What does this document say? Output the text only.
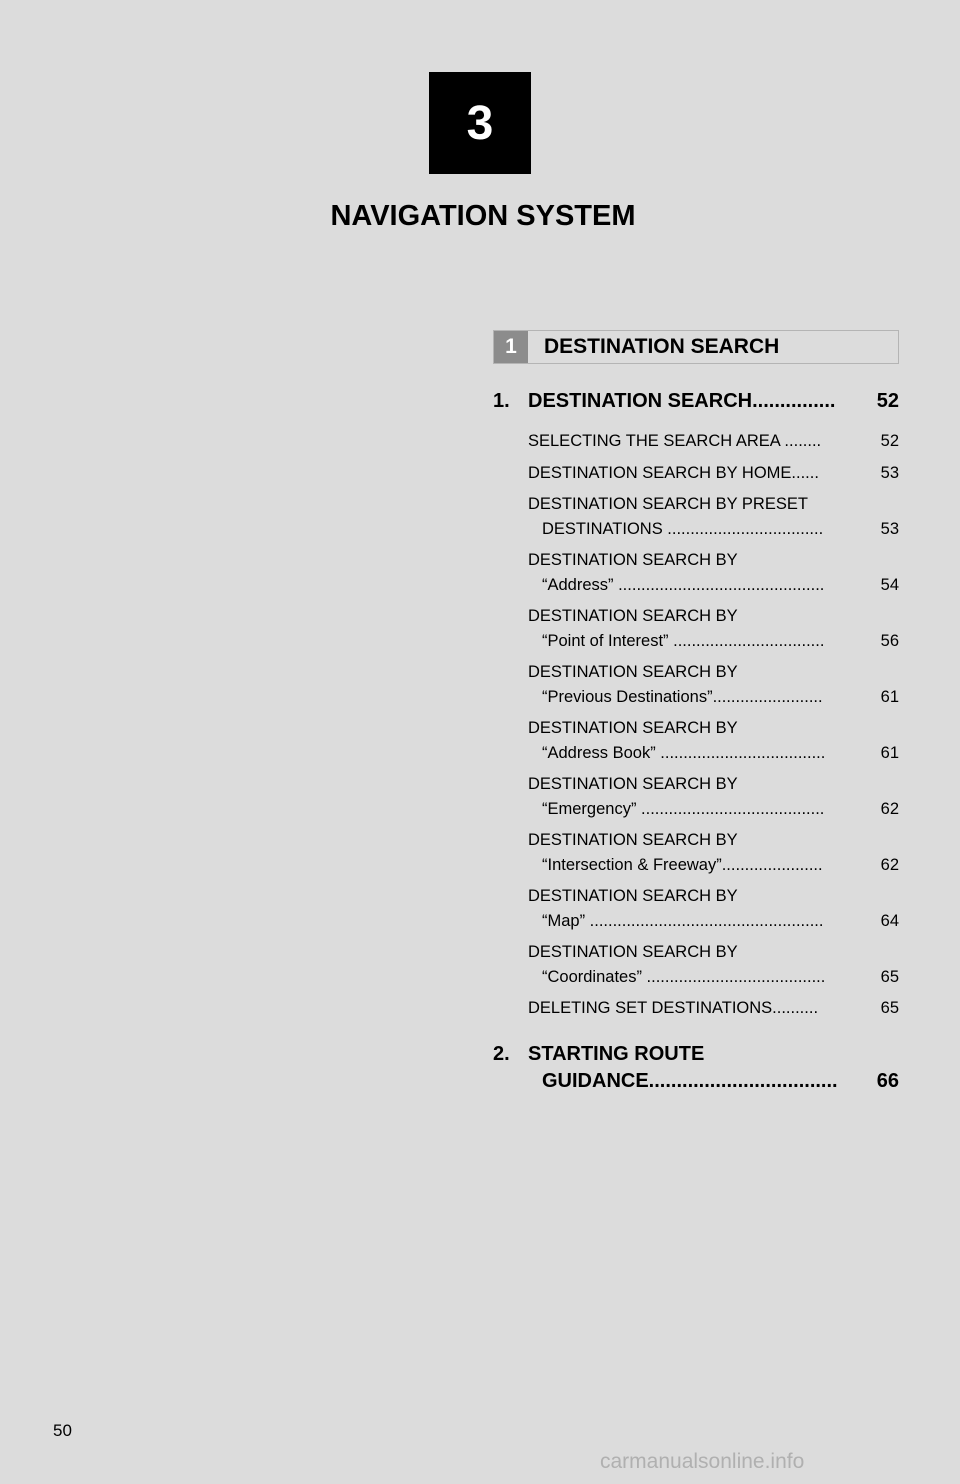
3
NAVIGATION SYSTEM
1	DESTINATION SEARCH
1. DESTINATION SEARCH ............... 52
SELECTING THE SEARCH AREA ........	52
DESTINATION SEARCH BY HOME......	53
DESTINATION SEARCH BY PRESET
DESTINATIONS ..................................	53
DESTINATION SEARCH BY
“Address” .............................................	54
DESTINATION SEARCH BY
“Point of Interest” .................................	56
DESTINATION SEARCH BY
“Previous Destinations”........................	61
DESTINATION SEARCH BY
“Address Book” ....................................	61
DESTINATION SEARCH BY
“Emergency” ........................................	62
DESTINATION SEARCH BY
“Intersection & Freeway”......................	62
DESTINATION SEARCH BY
“Map” ...................................................	64
DESTINATION SEARCH BY
“Coordinates” .......................................	65
DELETING SET DESTINATIONS..........	65
2. STARTING ROUTE
GUIDANCE.................................. 66
50
carmanualsonline.info
